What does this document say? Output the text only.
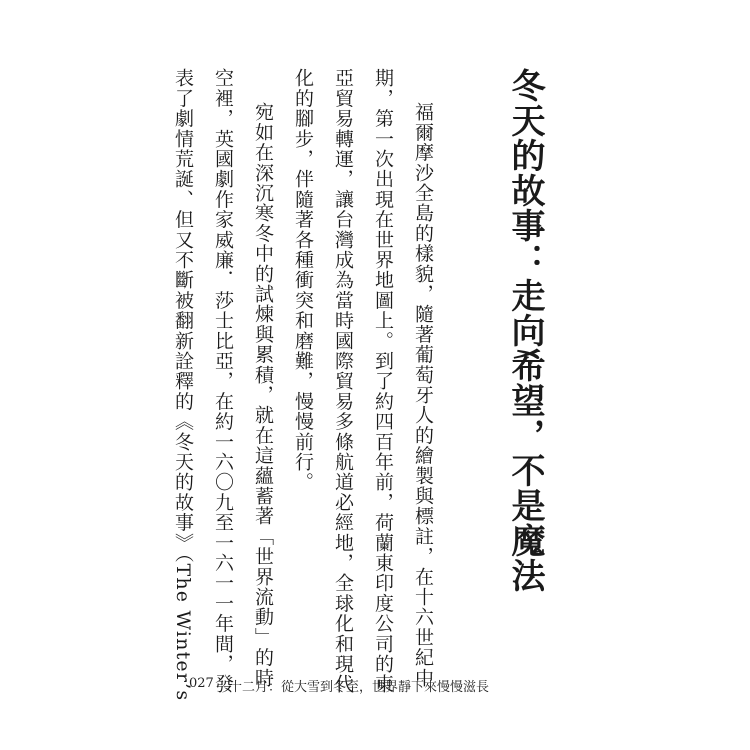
冬天的故事：走向希望，不是魔法
福爾摩沙全島的樣貌，隨著葡萄牙人的繪製與標註，在十六世紀中
期，第一次出現在世界地圖上。到了約四百年前，荷蘭東印度公司的東
亞貿易轉運，讓台灣成為當時國際貿易多條航道必經地，全球化和現代
化的腳步，伴隨著各種衝突和磨難，慢慢前行。
宛如在深沉寒冬中的試煉與累積，就在這蘊蓄著「世界流動」的時
空裡，英國劇作家威廉．莎士比亞，在約一六〇九至一六一一年間，發
表了劇情荒誕、但又不斷被翻新詮釋的《冬天的故事》（The Winter’s
027 十二月：從大雪到冬至，世界靜下來慢慢滋長
